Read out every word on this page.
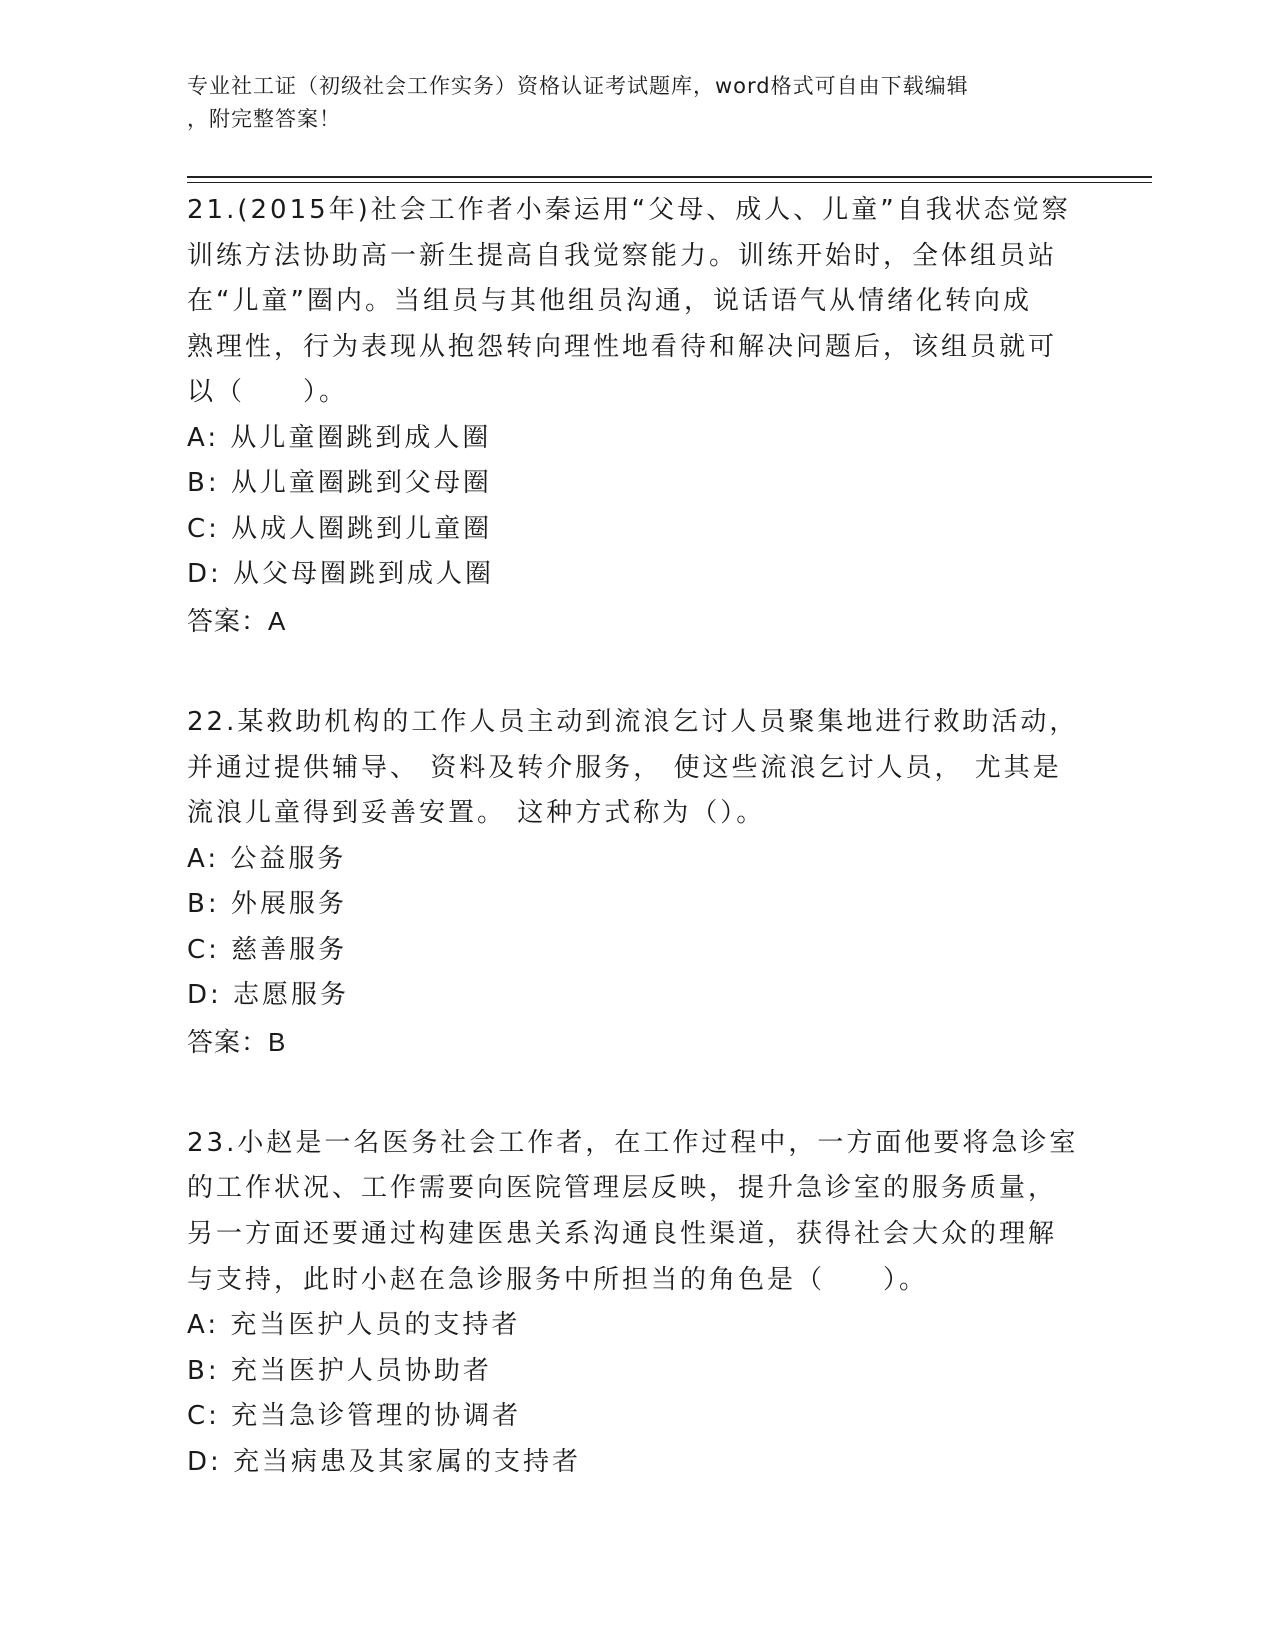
专业社工证（初级社会工作实务）资格认证考试题库，word格式可自由下载编辑
，附完整答案！
21.(2015年)社会工作者小秦运用“父母、成人、儿童”自我状态觉察
训练方法协助高一新生提高自我觉察能力。训练开始时，全体组员站
在“儿童”圈内。当组员与其他组员沟通，说话语气从情绪化转向成
熟理性，行为表现从抱怨转向理性地看待和解决问题后，该组员就可
以（　　）。
A: 从儿童圈跳到成人圈
B: 从儿童圈跳到父母圈
C: 从成人圈跳到儿童圈
D: 从父母圈跳到成人圈
答案：A
22.某救助机构的工作人员主动到流浪乞讨人员聚集地进行救助活动，
并通过提供辅导、 资料及转介服务， 使这些流浪乞讨人员， 尤其是
流浪儿童得到妥善安置。 这种方式称为（）。
A: 公益服务
B: 外展服务
C: 慈善服务
D: 志愿服务
答案：B
23.小赵是一名医务社会工作者，在工作过程中，一方面他要将急诊室
的工作状况、工作需要向医院管理层反映，提升急诊室的服务质量，
另一方面还要通过构建医患关系沟通良性渠道，获得社会大众的理解
与支持，此时小赵在急诊服务中所担当的角色是（　　）。
A: 充当医护人员的支持者
B: 充当医护人员协助者
C: 充当急诊管理的协调者
D: 充当病患及其家属的支持者
